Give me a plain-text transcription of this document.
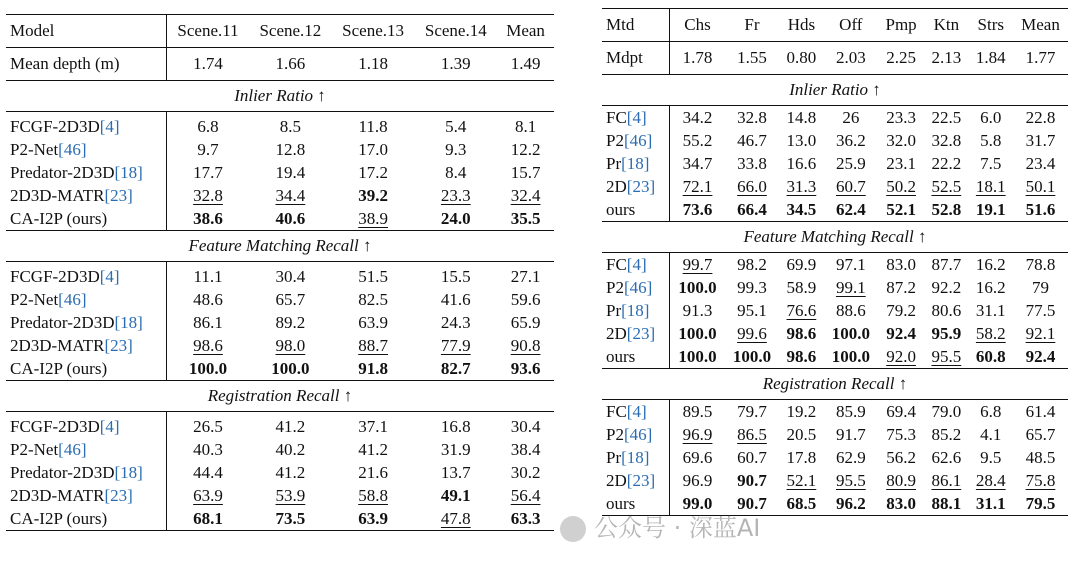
Model	Scene.11	Scene.12	Scene.13	Scene.14	Mean
Mean depth (m)	1.74	1.66	1.18	1.39	1.49
Inlier Ratio ↑					
FCGF-2D3D[4]	6.8	8.5	11.8	5.4	8.1
P2-Net[46]	9.7	12.8	17.0	9.3	12.2
Predator-2D3D[18]	17.7	19.4	17.2	8.4	15.7
2D3D-MATR[23]	32.8	34.4	39.2	23.3	32.4
CA-I2P (ours)	38.6	40.6	38.9	24.0	35.5
Feature Matching Recall ↑					
FCGF-2D3D[4]	11.1	30.4	51.5	15.5	27.1
P2-Net[46]	48.6	65.7	82.5	41.6	59.6
Predator-2D3D[18]	86.1	89.2	63.9	24.3	65.9
2D3D-MATR[23]	98.6	98.0	88.7	77.9	90.8
CA-I2P (ours)	100.0	100.0	91.8	82.7	93.6
Registration Recall ↑					
FCGF-2D3D[4]	26.5	41.2	37.1	16.8	30.4
P2-Net[46]	40.3	40.2	41.2	31.9	38.4
Predator-2D3D[18]	44.4	41.2	21.6	13.7	30.2
2D3D-MATR[23]	63.9	53.9	58.8	49.1	56.4
CA-I2P (ours)	68.1	73.5	63.9	47.8	63.3
Mtd	Chs	Fr	Hds	Off	Pmp	Ktn	Strs	Mean
Mdpt	1.78	1.55	0.80	2.03	2.25	2.13	1.84	1.77
Inlier Ratio ↑								
FC[4]	34.2	32.8	14.8	26	23.3	22.5	6.0	22.8
P2[46]	55.2	46.7	13.0	36.2	32.0	32.8	5.8	31.7
Pr[18]	34.7	33.8	16.6	25.9	23.1	22.2	7.5	23.4
2D[23]	72.1	66.0	31.3	60.7	50.2	52.5	18.1	50.1
ours	73.6	66.4	34.5	62.4	52.1	52.8	19.1	51.6
Feature Matching Recall ↑								
FC[4]	99.7	98.2	69.9	97.1	83.0	87.7	16.2	78.8
P2[46]	100.0	99.3	58.9	99.1	87.2	92.2	16.2	79
Pr[18]	91.3	95.1	76.6	88.6	79.2	80.6	31.1	77.5
2D[23]	100.0	99.6	98.6	100.0	92.4	95.9	58.2	92.1
ours	100.0	100.0	98.6	100.0	92.0	95.5	60.8	92.4
Registration Recall ↑								
FC[4]	89.5	79.7	19.2	85.9	69.4	79.0	6.8	61.4
P2[46]	96.9	86.5	20.5	91.7	75.3	85.2	4.1	65.7
Pr[18]	69.6	60.7	17.8	62.9	56.2	62.6	9.5	48.5
2D[23]	96.9	90.7	52.1	95.5	80.9	86.1	28.4	75.8
ours	99.0	90.7	68.5	96.2	83.0	88.1	31.1	79.5
公众号 · 深蓝AI
